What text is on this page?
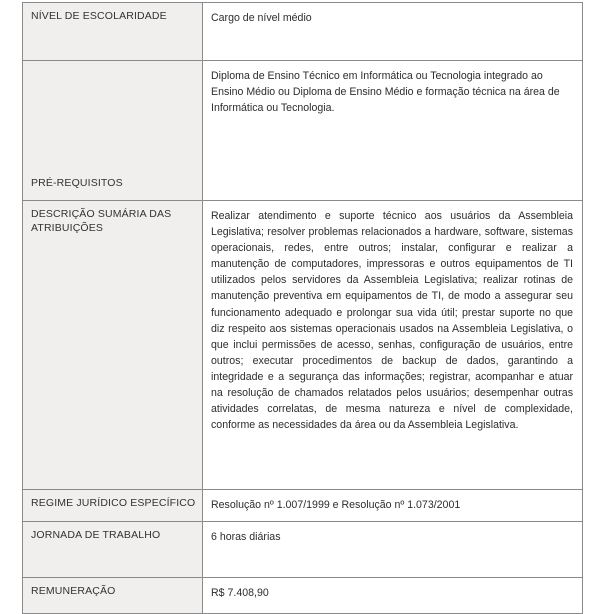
NÍVEL DE ESCOLARIDADE	Cargo de nível médio

PRÉ-REQUISITOS	Diploma de Ensino Técnico em Informática ou Tecnologia integrado ao Ensino Médio ou Diploma de Ensino Médio e formação técnica na área de Informática ou Tecnologia.

DESCRIÇÃO SUMÁRIA DAS
ATRIBUIÇÕES	Realizar atendimento e suporte técnico aos usuários da Assembleia Legislativa; resolver problemas relacionados a hardware, software, sistemas operacionais, redes, entre outros; instalar, configurar e realizar a manutenção de computadores, impressoras e outros equipamentos de TI utilizados pelos servidores da Assembleia Legislativa; realizar rotinas de manutenção preventiva em equipamentos de TI, de modo a assegurar seu funcionamento adequado e prolongar sua vida útil; prestar suporte no que diz respeito aos sistemas operacionais usados na Assembleia Legislativa, o que inclui permissões de acesso, senhas, configuração de usuários, entre outros; executar procedimentos de backup de dados, garantindo a integridade e a segurança das informações; registrar, acompanhar e atuar na resolução de chamados relatados pelos usuários; desempenhar outras atividades correlatas, de mesma natureza e nível de complexidade, conforme as necessidades da área ou da Assembleia Legislativa.

REGIME JURÍDICO ESPECÍFICO	Resolução nº 1.007/1999 e Resolução nº 1.073/2001

JORNADA DE TRABALHO	6 horas diárias

REMUNERAÇÃO	R$ 7.408,90
